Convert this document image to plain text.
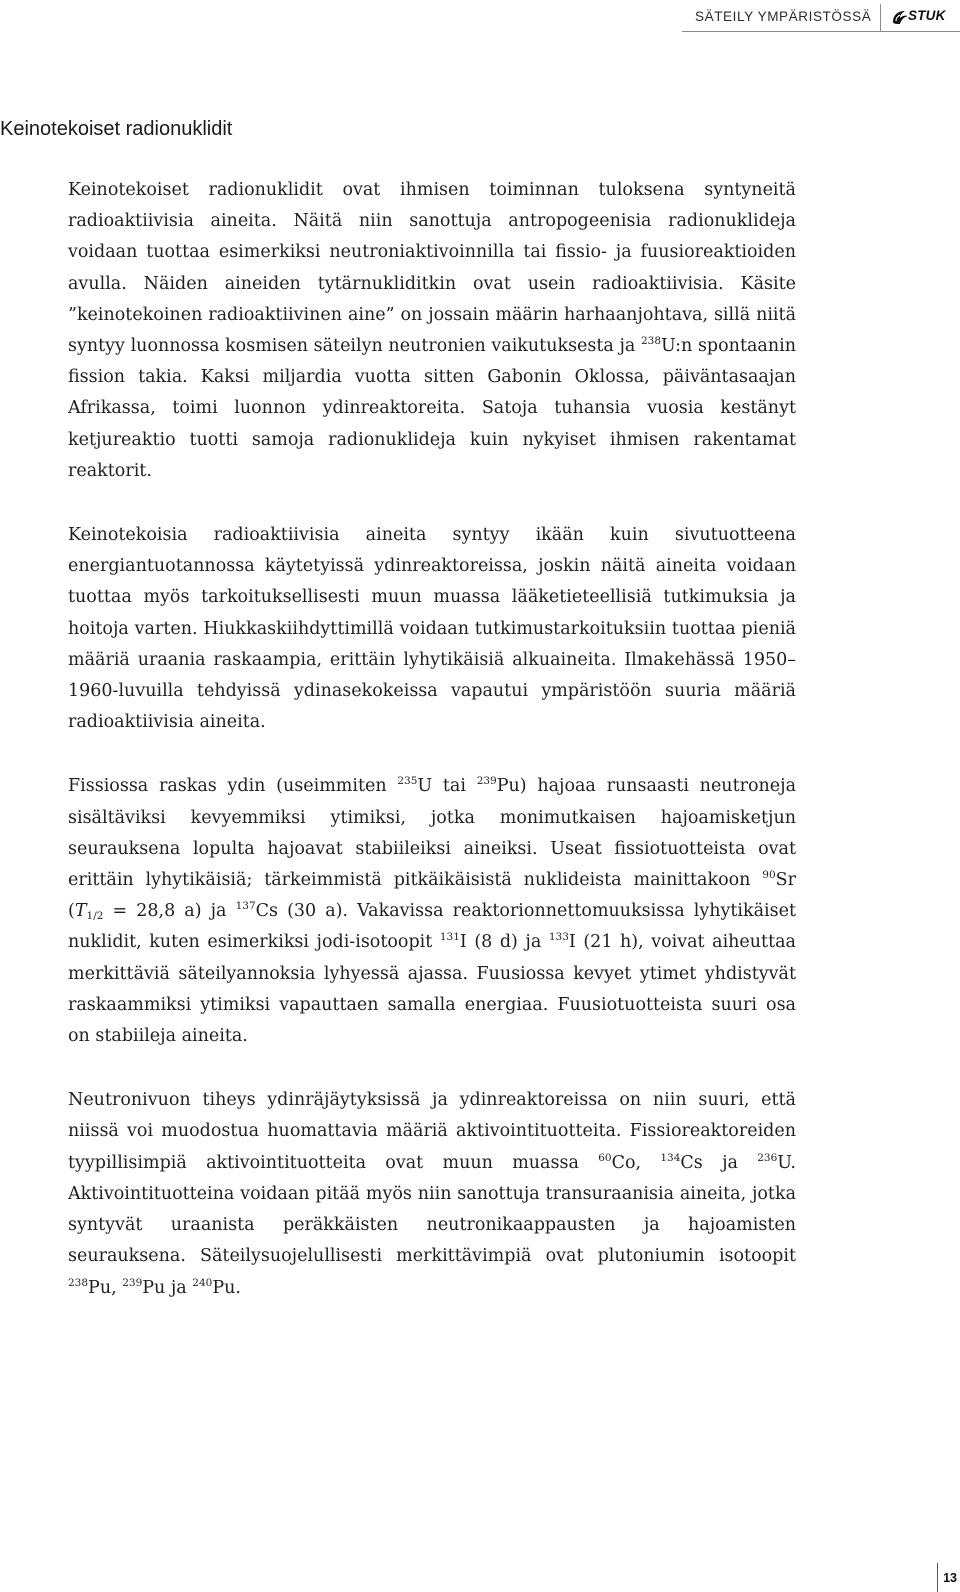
SÄTEILY YMPÄRISTÖSSÄ	STUK
Keinotekoiset radionuklidit

Keinotekoiset radionuklidit ovat ihmisen toiminnan tuloksena syntyneitä radioaktiivisia aineita. Näitä niin sanottuja antropogeenisia radionuklideja voidaan tuottaa esimerkiksi neutroniaktivoinnilla tai fissio- ja fuusioreaktioiden avulla. Näiden aineiden tytärnukliditkin ovat usein radioaktiivisia. Käsite ”keinotekoinen radioaktiivinen aine” on jossain määrin harhaanjohtava, sillä niitä syntyy luonnossa kosmisen säteilyn neutronien vaikutuksesta ja $^{238}$U:n spontaanin fission takia. Kaksi miljardia vuotta sitten Gabonin Oklossa, päiväntasaajan Afrikassa, toimi luonnon ydinreaktoreita. Satoja tuhansia vuosia kestänyt ketjureaktio tuotti samoja radionuklideja kuin nykyiset ihmisen rakentamat reaktorit.

Keinotekoisia radioaktiivisia aineita syntyy ikään kuin sivutuotteena energiantuotannossa käytetyissä ydinreaktoreissa, joskin näitä aineita voidaan tuottaa myös tarkoituksellisesti muun muassa lääketieteellisiä tutkimuksia ja hoitoja varten. Hiukkaskiihdyttimillä voidaan tutkimustarkoituksiin tuottaa pieniä määriä uraania raskaampia, erittäin lyhytikäisiä alkuaineita. Ilmakehässä 1950–1960-luvuilla tehdyissä ydinasekokeissa vapautui ympäristöön suuria määriä radioaktiivisia aineita.

Fissiossa raskas ydin (useimmiten $^{235}$U tai $^{239}$Pu) hajoaa runsaasti neutroneja sisältäviksi kevyemmiksi ytimiksi, jotka monimutkaisen hajoamisketjun seurauksena lopulta hajoavat stabiileiksi aineiksi. Useat fissiotuotteista ovat erittäin lyhytikäisiä; tärkeimmistä pitkäikäisistä nuklideista mainittakoon $^{90}$Sr ($T_{1/2} = 28,8$ a) ja $^{137}$Cs (30 a). Vakavissa reaktorionnettomuuksissa lyhytikäiset nuklidit, kuten esimerkiksi jodi-isotoopit $^{131}$I (8 d) ja $^{133}$I (21 h), voivat aiheuttaa merkittäviä säteilyannoksia lyhyessä ajassa. Fuusiossa kevyet ytimet yhdistyvät raskaammiksi ytimiksi vapauttaen samalla energiaa. Fuusiotuotteista suuri osa on stabiileja aineita.

Neutronivuon tiheys ydinräjäytyksissä ja ydinreaktoreissa on niin suuri, että niissä voi muodostua huomattavia määriä aktivointituotteita. Fissioreaktoreiden tyypillisimpiä aktivointituotteita ovat muun muassa $^{60}$Co, $^{134}$Cs ja $^{236}$U. Aktivointituotteina voidaan pitää myös niin sanottuja transuraanisia aineita, jotka syntyvät uraanista peräkkäisten neutronikaappausten ja hajoamisten seurauksena. Säteilysuojelullisesti merkittävimpiä ovat plutoniumin isotoopit $^{238}$Pu, $^{239}$Pu ja $^{240}$Pu.

13
